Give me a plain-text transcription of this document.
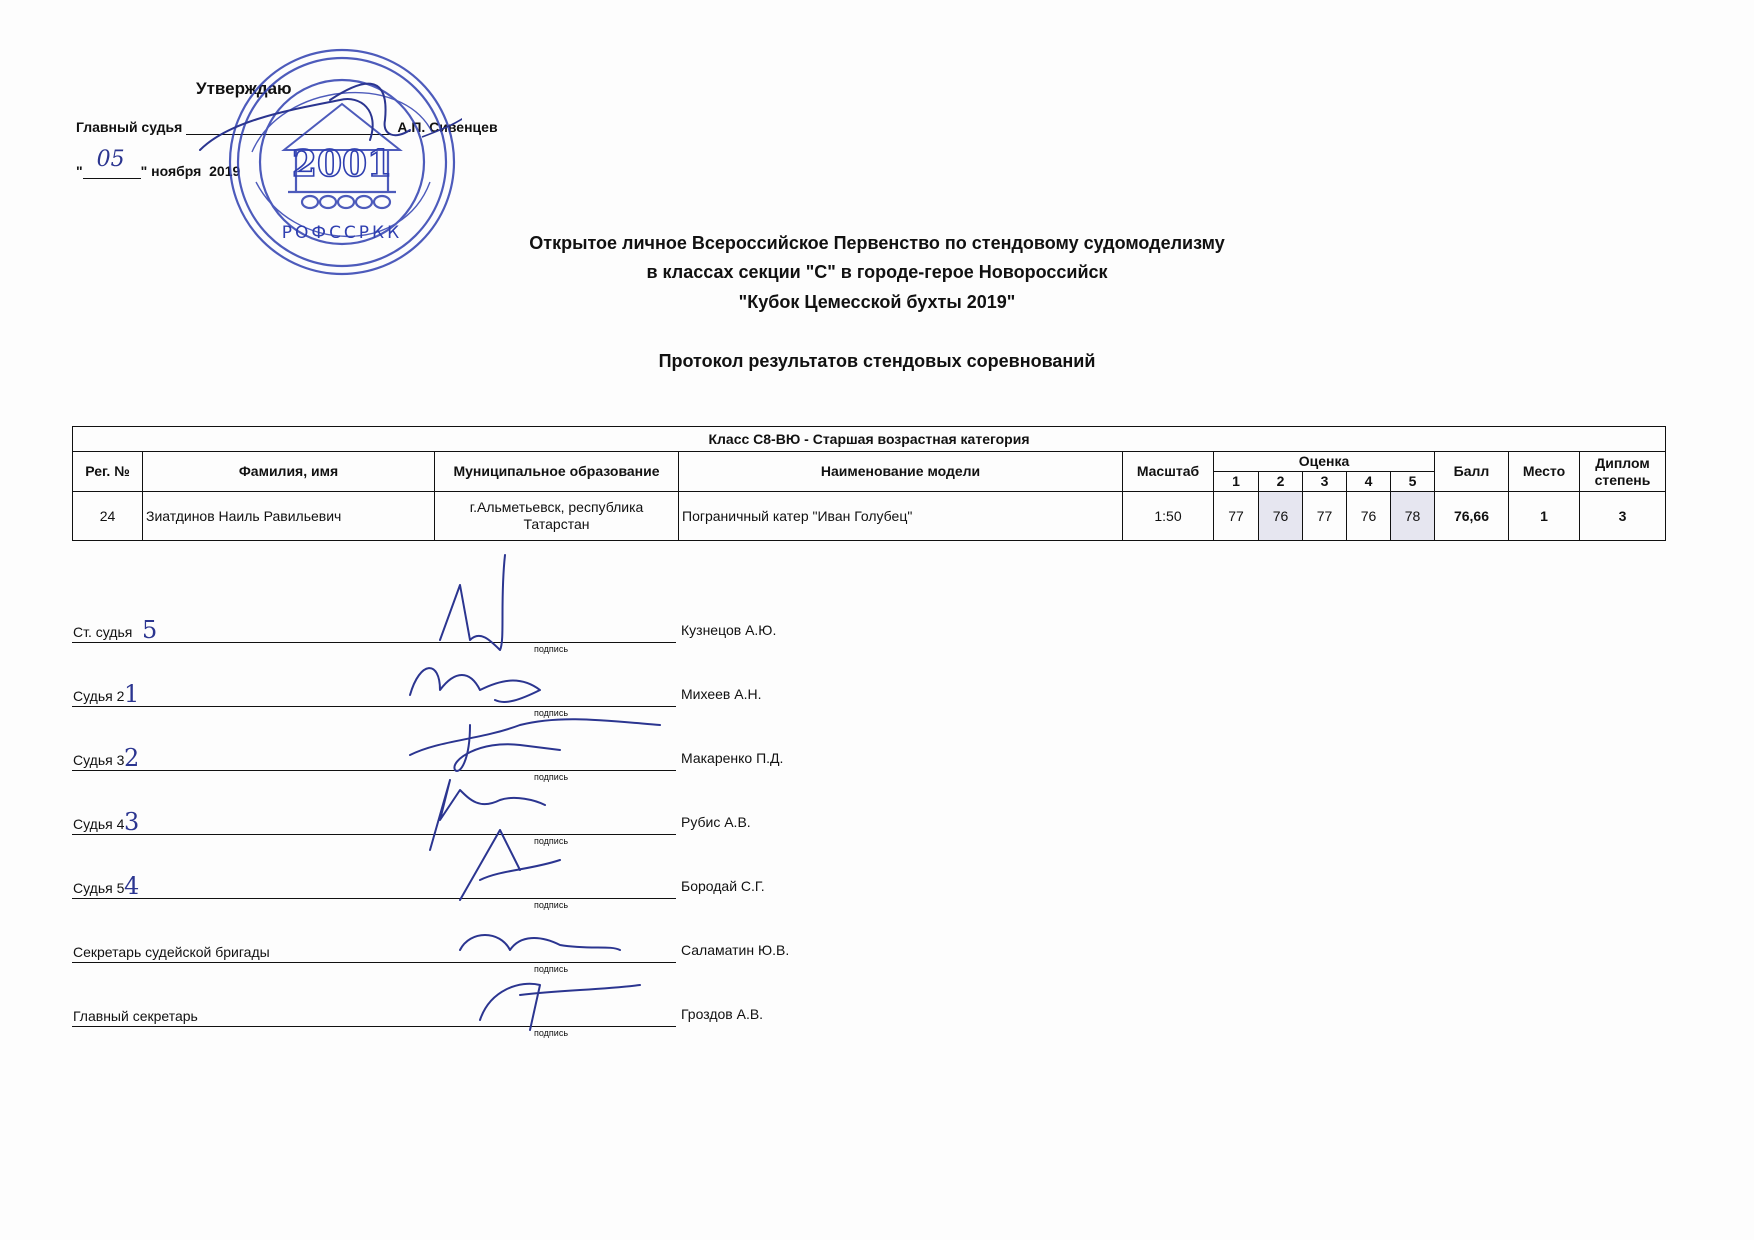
Утверждаю
Главный судья	А.П. Сивенцев
" 05 " ноября 2019 2001
РОФССРКК	Открытое личное Всероссийское Первенство по стендовому судомоделизму
в классах секции "С" в городе-герое Новороссийск
"Кубок Цемесской бухты 2019"
Протокол результатов стендовых соревнований
Класс С8-ВЮ - Старшая возрастная категория												
Рег. №	Фамилия, имя	Муниципальное образование	Наименование модели	Масштаб	Оценка					Балл	Место	Диплом степень
					1	2	3	4	5			
24	Зиатдинов Наиль Равильевич	г.Альметьевск, республика Татарстан	Пограничный катер "Иван Голубец"	1:50	77	76	77	76	78	76,66	1	3
Ст. судья 5
подпись
Кузнецов А.Ю.
Судья 2 1
подпись
Михеев А.Н.
Судья 3 2
подпись
Макаренко П.Д.
Судья 4 3
подпись
Рубис А.В.
Судья 5 4
подпись
Бородай С.Г.
Секретарь судейской бригады
подпись
Саламатин Ю.В.
Главный секретарь
подпись
Гроздов А.В.
